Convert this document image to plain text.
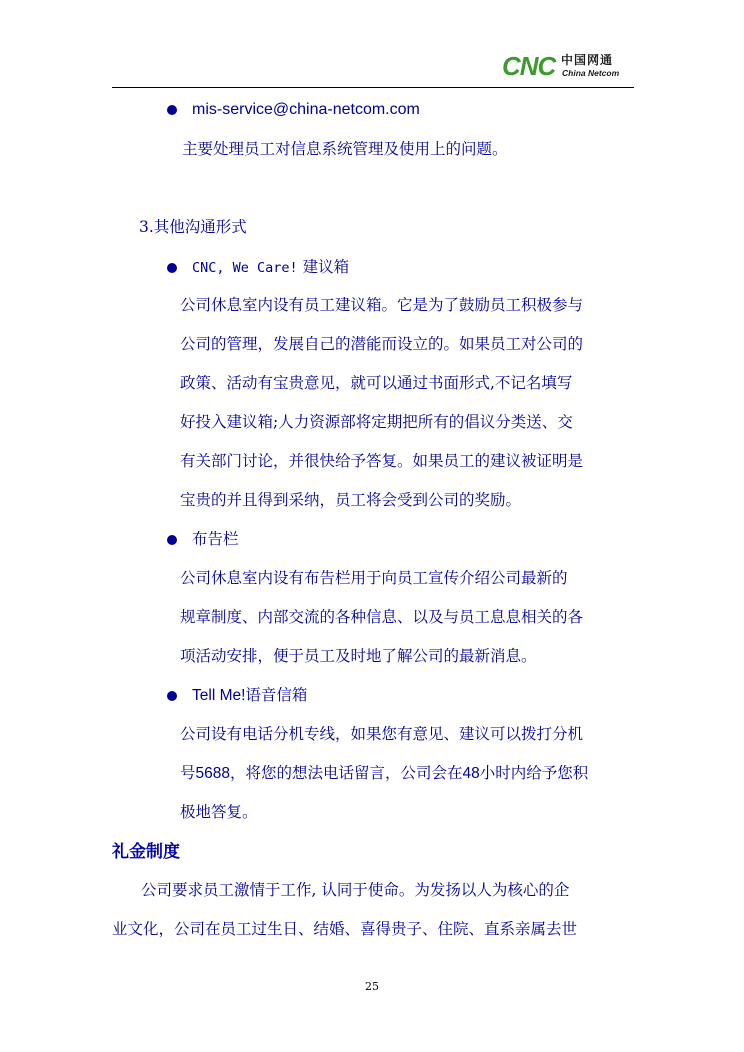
CNC 中国网通
China Netcom
mis-service@china-netcom.com
主要处理员工对信息系统管理及使用上的问题。
3.其他沟通形式
CNC, We Care! 建议箱
公司休息室内设有员工建议箱。它是为了鼓励员工积极参与
公司的管理，发展自己的潜能而设立的。如果员工对公司的
政策、活动有宝贵意见，就可以通过书面形式,不记名填写
好投入建议箱;人力资源部将定期把所有的倡议分类送、交
有关部门讨论，并很快给予答复。如果员工的建议被证明是
宝贵的并且得到采纳，员工将会受到公司的奖励。
布告栏
公司休息室内设有布告栏用于向员工宣传介绍公司最新的
规章制度、内部交流的各种信息、以及与员工息息相关的各
项活动安排，便于员工及时地了解公司的最新消息。
Tell Me!语音信箱
公司设有电话分机专线，如果您有意见、建议可以拨打分机
号5688，将您的想法电话留言，公司会在48小时内给予您积
极地答复。
礼金制度
公司要求员工激情于工作, 认同于使命。为发扬以人为核心的企
业文化，公司在员工过生日、结婚、喜得贵子、住院、直系亲属去世
25
